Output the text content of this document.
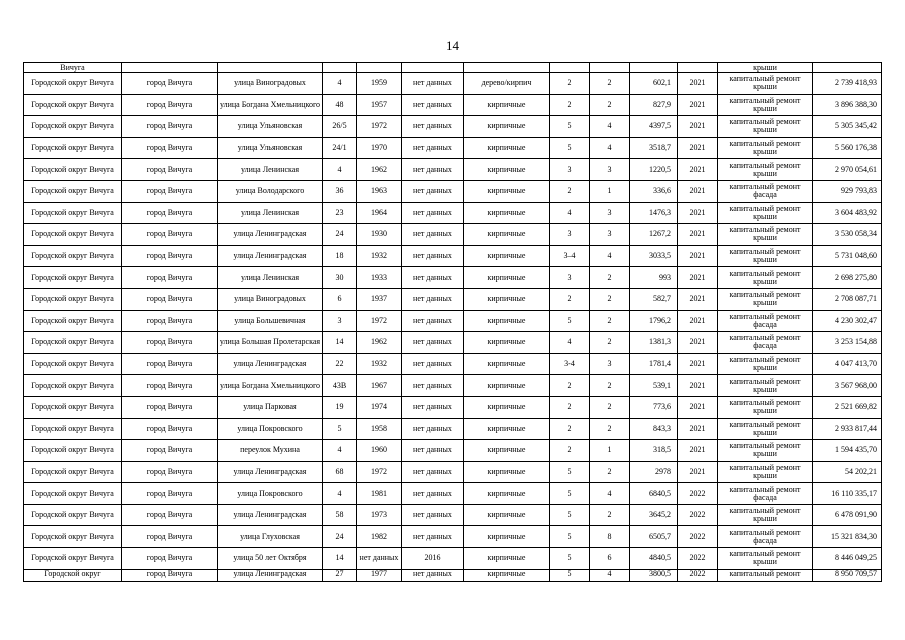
14
Вичуга											крыши	
Городской округ Вичуга	город Вичуга	улица Виноградовых	4	1959	нет данных	дерево/кирпич	2	2	602,1	2021	капитальный ремонт крыши	2 739 418,93
Городской округ Вичуга	город Вичуга	улица Богдана Хмельницкого	48	1957	нет данных	кирпичные	2	2	827,9	2021	капитальный ремонт крыши	3 896 388,30
Городской округ Вичуга	город Вичуга	улица Ульяновская	26/5	1972	нет данных	кирпичные	5	4	4397,5	2021	капитальный ремонт крыши	5 305 345,42
Городской округ Вичуга	город Вичуга	улица Ульяновская	24/1	1970	нет данных	кирпичные	5	4	3518,7	2021	капитальный ремонт крыши	5 560 176,38
Городской округ Вичуга	город Вичуга	улица Ленинская	4	1962	нет данных	кирпичные	3	3	1220,5	2021	капитальный ремонт крыши	2 970 054,61
Городской округ Вичуга	город Вичуга	улица Володарского	36	1963	нет данных	кирпичные	2	1	336,6	2021	капитальный ремонт фасада	929 793,83
Городской округ Вичуга	город Вичуга	улица Ленинская	23	1964	нет данных	кирпичные	4	3	1476,3	2021	капитальный ремонт крыши	3 604 483,92
Городской округ Вичуга	город Вичуга	улица Ленинградская	24	1930	нет данных	кирпичные	3	3	1267,2	2021	капитальный ремонт крыши	3 530 058,34
Городской округ Вичуга	город Вичуга	улица Ленинградская	18	1932	нет данных	кирпичные	3–4	4	3033,5	2021	капитальный ремонт крыши	5 731 048,60
Городской округ Вичуга	город Вичуга	улица Ленинская	30	1933	нет данных	кирпичные	3	2	993	2021	капитальный ремонт крыши	2 698 275,80
Городской округ Вичуга	город Вичуга	улица Виноградовых	6	1937	нет данных	кирпичные	2	2	582,7	2021	капитальный ремонт крыши	2 708 087,71
Городской округ Вичуга	город Вичуга	улица Большевичная	3	1972	нет данных	кирпичные	5	2	1796,2	2021	капитальный ремонт фасада	4 230 302,47
Городской округ Вичуга	город Вичуга	улица Большая Пролетарская	14	1962	нет данных	кирпичные	4	2	1381,3	2021	капитальный ремонт фасада	3 253 154,88
Городской округ Вичуга	город Вичуга	улица Ленинградская	22	1932	нет данных	кирпичные	3-4	3	1781,4	2021	капитальный ремонт крыши	4 047 413,70
Городской округ Вичуга	город Вичуга	улица Богдана Хмельницкого	43В	1967	нет данных	кирпичные	2	2	539,1	2021	капитальный ремонт крыши	3 567 968,00
Городской округ Вичуга	город Вичуга	улица Парковая	19	1974	нет данных	кирпичные	2	2	773,6	2021	капитальный ремонт крыши	2 521 669,82
Городской округ Вичуга	город Вичуга	улица Покровского	5	1958	нет данных	кирпичные	2	2	843,3	2021	капитальный ремонт крыши	2 933 817,44
Городской округ Вичуга	город Вичуга	переулок Мухина	4	1960	нет данных	кирпичные	2	1	318,5	2021	капитальный ремонт крыши	1 594 435,70
Городской округ Вичуга	город Вичуга	улица Ленинградская	68	1972	нет данных	кирпичные	5	2	2978	2021	капитальный ремонт крыши	54 202,21
Городской округ Вичуга	город Вичуга	улица Покровского	4	1981	нет данных	кирпичные	5	4	6840,5	2022	капитальный ремонт фасада	16 110 335,17
Городской округ Вичуга	город Вичуга	улица Ленинградская	58	1973	нет данных	кирпичные	5	2	3645,2	2022	капитальный ремонт крыши	6 478 091,90
Городской округ Вичуга	город Вичуга	улица Глуховская	24	1982	нет данных	кирпичные	5	8	6505,7	2022	капитальный ремонт фасада	15 321 834,30
Городской округ Вичуга	город Вичуга	улица 50 лет Октября	14	нет данных	2016	кирпичные	5	6	4840,5	2022	капитальный ремонт крыши	8 446 049,25
Городской округ	город Вичуга	улица Ленинградская	27	1977	нет данных	кирпичные	5	4	3800,5	2022	капитальный ремонт	8 950 709,57
